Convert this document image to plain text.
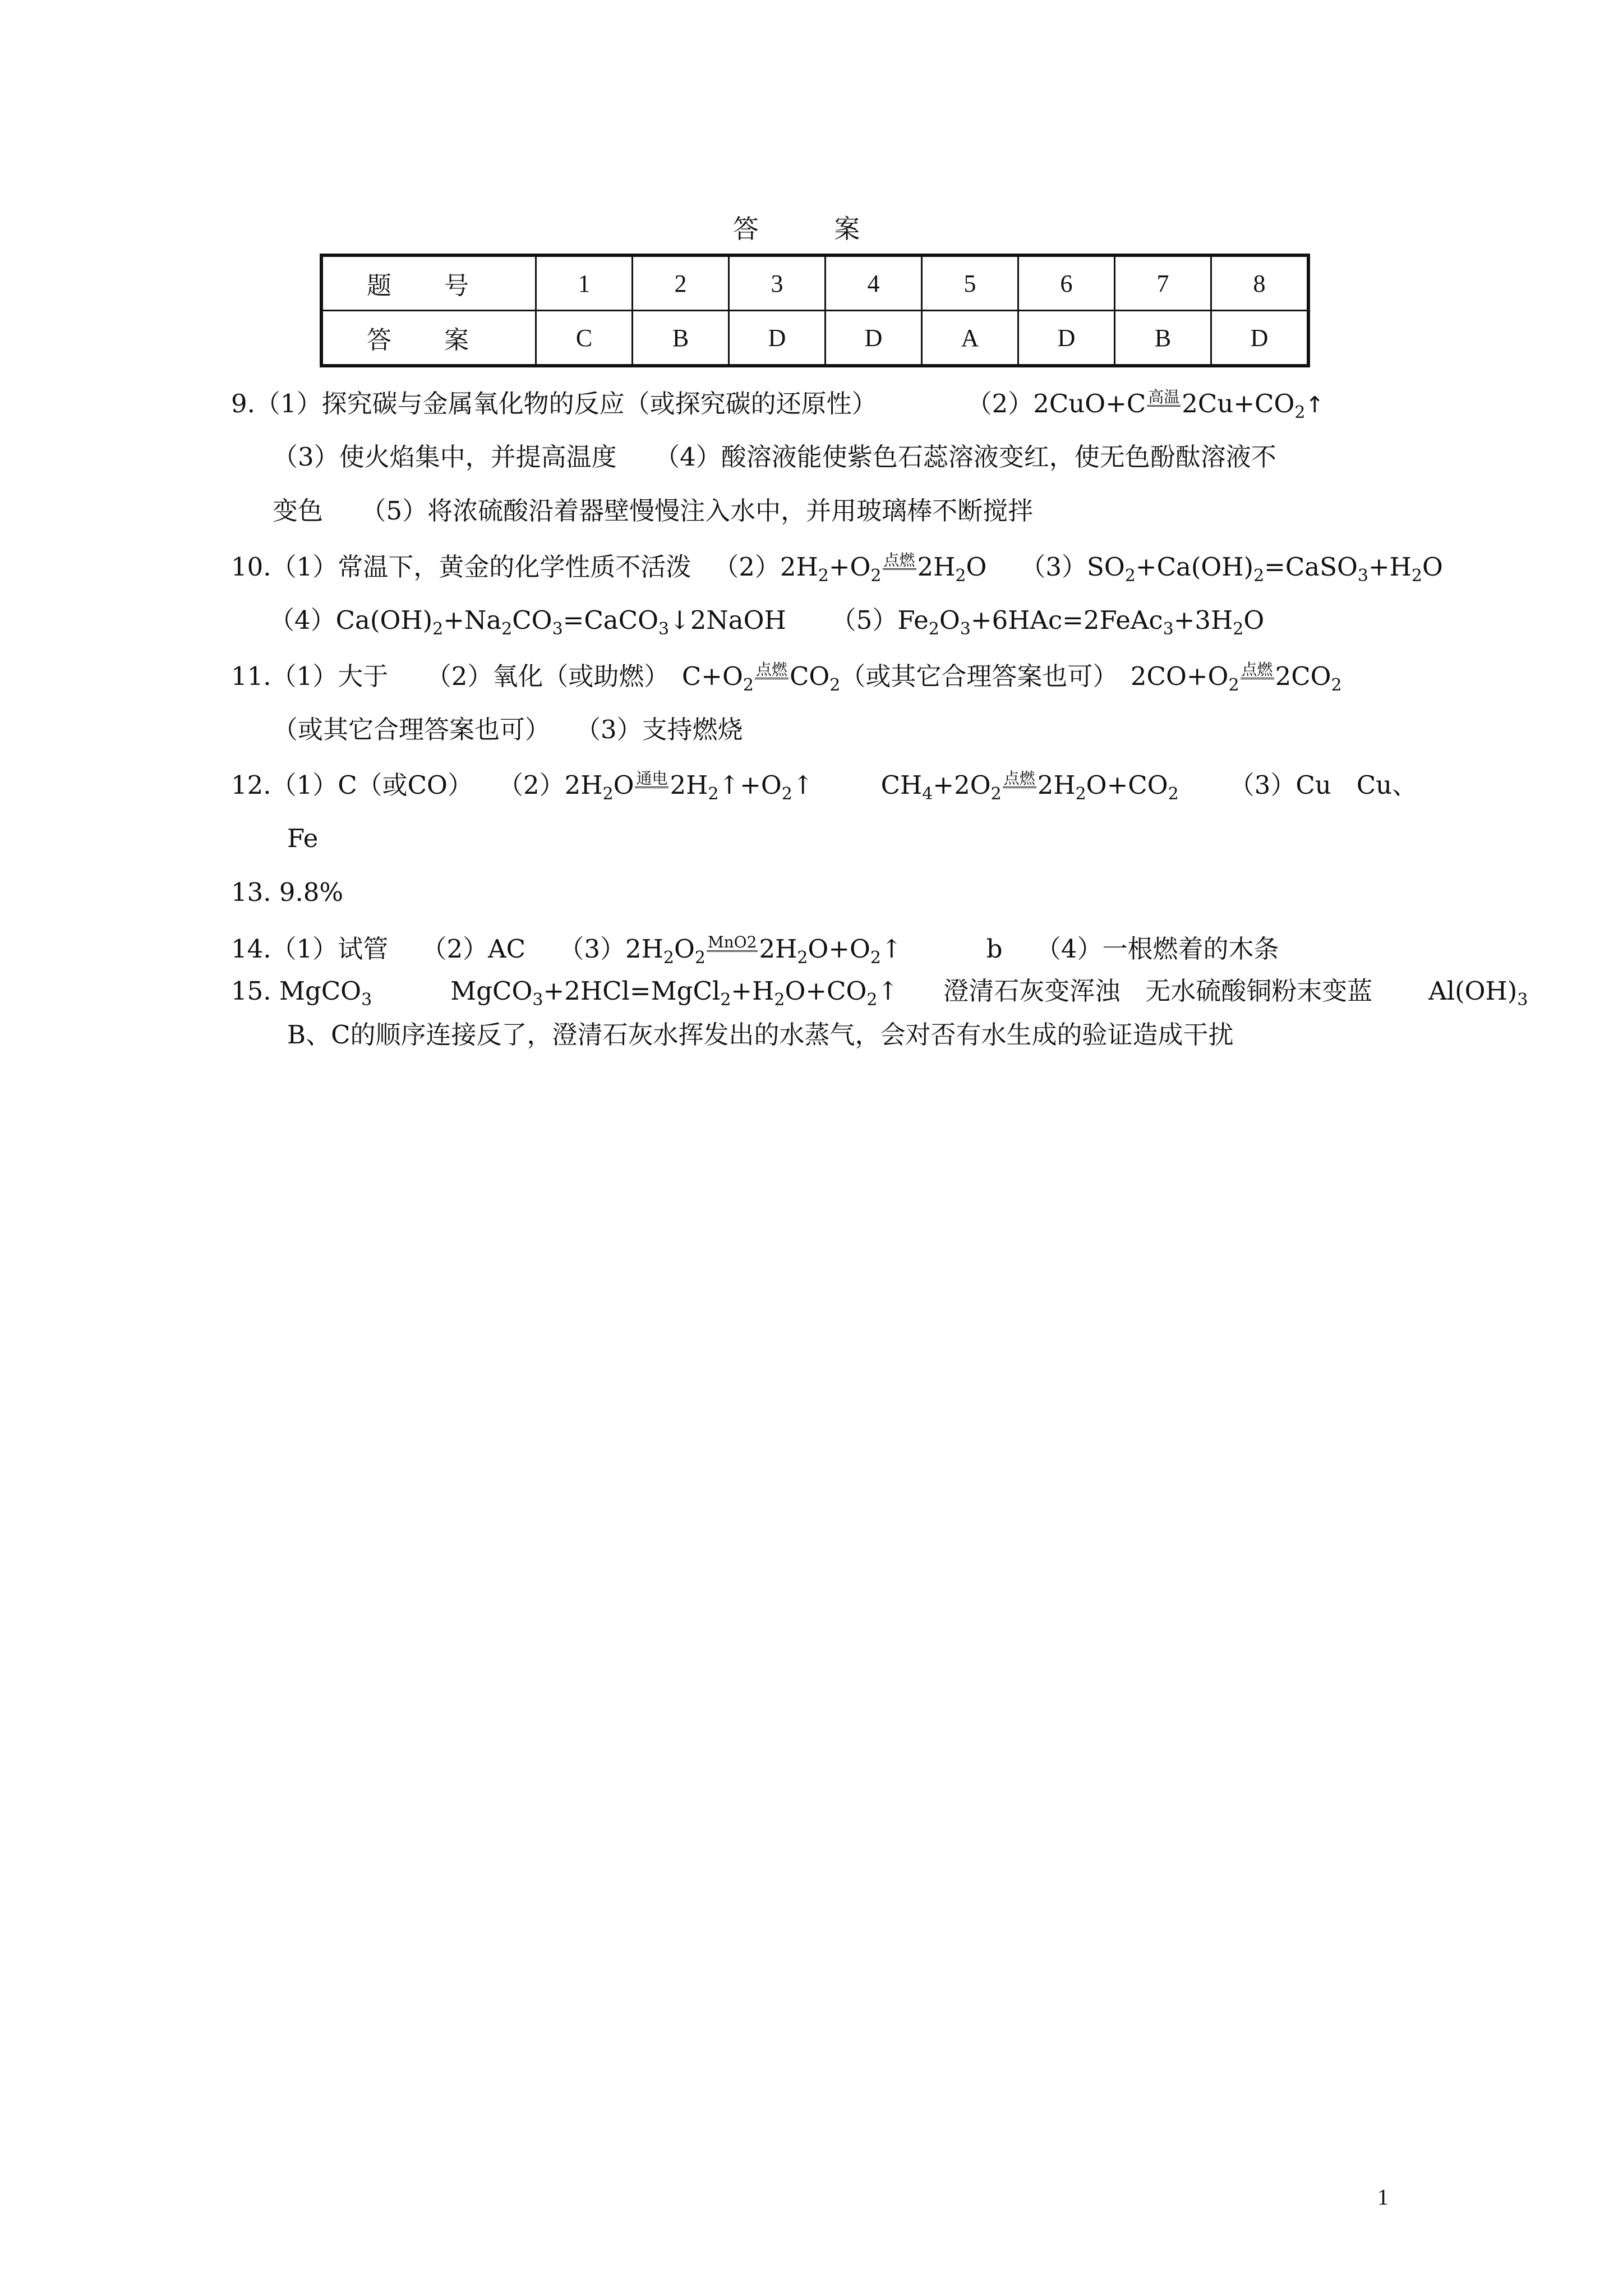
答 案
题 号	1	2	3	4	5	6	7	8
答 案	C	B	D	D	A	D	B	D
9.（1）探究碳与金属氧化物的反应（或探究碳的还原性）	（2）2CuO+C 高温$2Cu+CO_2↑$
（3）使火焰集中，并提高温度　　（4）酸溶液能使紫色石蕊溶液变红，使无色酚酞溶液不
变色　　（5）将浓硫酸沿着器壁慢慢注入水中，并用玻璃棒不断搅拌
10.（1）常温下，黄金的化学性质不活泼 $(2)2H_2+O_2$点燃$2H_2O$ $(3)SO_2+Ca(OH)_2=CaSO_3+H_2O$
$(4)Ca(OH)_2+Na_2CO_3=CaCO_3↓2NaOH$ $(5)Fe_2O_3+6HAc=2FeAc_3+3H_2O$
11.（1）大于　　（2）氧化（或助燃）　$C+O_2$点燃$CO_2$（或其它合理答案也可）　$2CO+O_2$点燃$2CO_2$
（或其它合理答案也可）　　（3）支持燃烧
12.（1）C（或CO）　　$(2)2H_2O$ 通电$2H_2↑+O_2↑$	$CH_4+2O_2$点燃$2H_2O+CO_2$ （3）Cu　Cu、
Fe
13. 9.8%
14.（1）试管　 （2）AC　 $(3)2H_2O_2MnO22H_2O+O_2↑$	b　 （4）一根燃着的木条
15. MgCO$_3$	$MgCO_3+2HCl=MgCl_2+H_2O+CO_2↑$ 澄清石灰变浑浊　无水硫酸铜粉末变蓝 $Al(OH)_3$
B、C的顺序连接反了，澄清石灰水挥发出的水蒸气，会对否有水生成的验证造成干扰
1
